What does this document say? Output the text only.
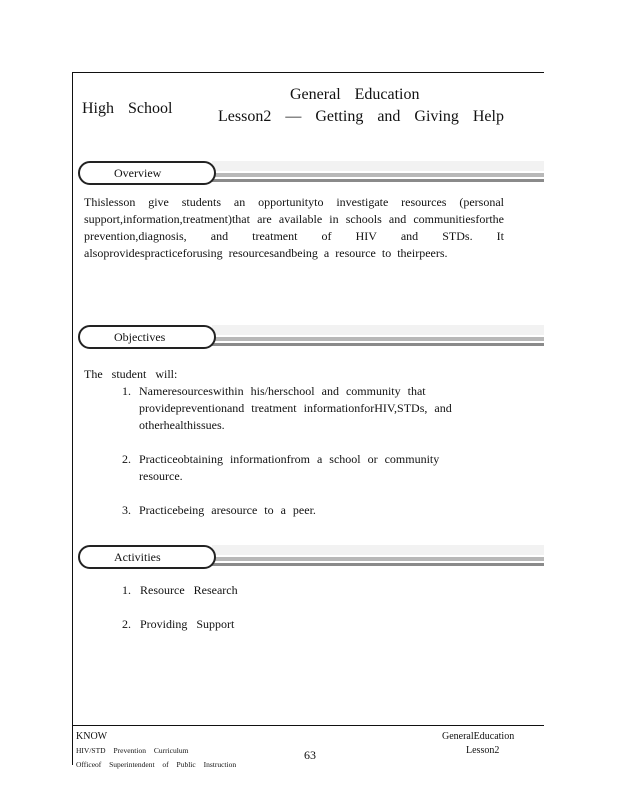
High School
General Education
Lesson2 — Getting and Giving Help
Overview
Thislesson give students an opportunityto investigate resources (personal support,information,treatment)that are available in schools and communitiesforthe prevention,diagnosis, and treatment of HIV and STDs. It alsoprovidespracticeforusing resourcesandbeing a resource to theirpeers.
Objectives
The student will:
1. Nameresourceswithin his/herschool and community that providepreventionand treatment informationforHIV,STDs, and otherhealthissues.
2. Practiceobtaining informationfrom a school or community resource.
3. Practicebeing aresource to a peer.
Activities
1. Resource Research
2. Providing Support
KNOW
HIV/STD Prevention Curriculum
Officeof Superintendent of Public Instruction
63
GeneralEducation
Lesson2
